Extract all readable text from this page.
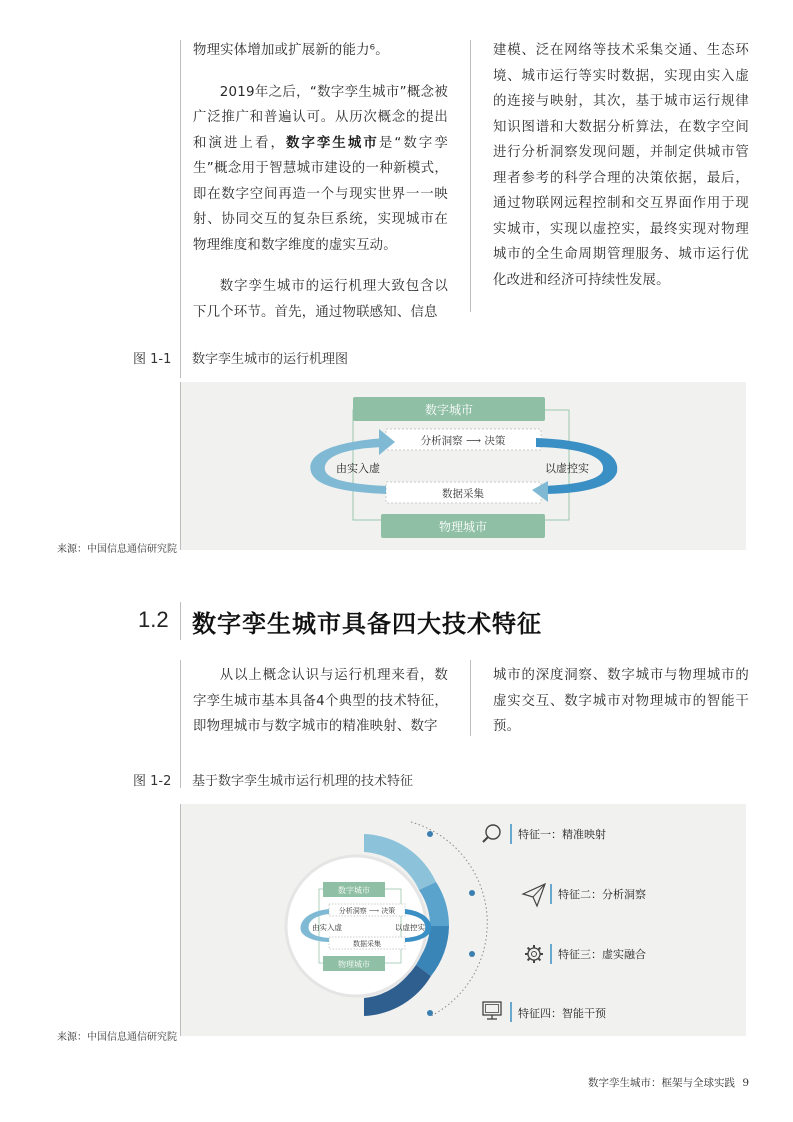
物理实体增加或扩展新的能力⁶。

2019年之后，“数字孪生城市”概念被广泛推广和普遍认可。从历次概念的提出和演进上看，数字孪生城市是“数字孪生”概念用于智慧城市建设的一种新模式，即在数字空间再造一个与现实世界一一映射、协同交互的复杂巨系统，实现城市在物理维度和数字维度的虚实互动。

数字孪生城市的运行机理大致包含以下几个环节。首先，通过物联感知、信息

建模、泛在网络等技术采集交通、生态环境、城市运行等实时数据，实现由实入虚的连接与映射，其次，基于城市运行规律知识图谱和大数据分析算法，在数字空间进行分析洞察发现问题，并制定供城市管理者参考的科学合理的决策依据，最后，通过物联网远程控制和交互界面作用于现实城市，实现以虚控实，最终实现对物理城市的全生命周期管理服务、城市运行优化改进和经济可持续性发展。

图 1-1 数字孪生城市的运行机理图
数字城市
物理城市
分析洞察 ⟶ 决策
数据采集
由实入虚	以虚控实
来源：中国信息通信研究院
1.2 数字孪生城市具备四大技术特征

从以上概念认识与运行机理来看，数字孪生城市基本具备4个典型的技术特征，即物理城市与数字城市的精准映射、数字

城市的深度洞察、数字城市与物理城市的虚实交互、数字城市对物理城市的智能干预。

图 1-2 基于数字孪生城市运行机理的技术特征
数字城市
物理城市
分析洞察 ⟶ 决策
数据采集
由实入虚	以虚控实
特征一：精准映射
特征二：分析洞察
特征三：虚实融合
特征四：智能干预
来源：中国信息通信研究院
数字孪生城市：框架与全球实践 9
